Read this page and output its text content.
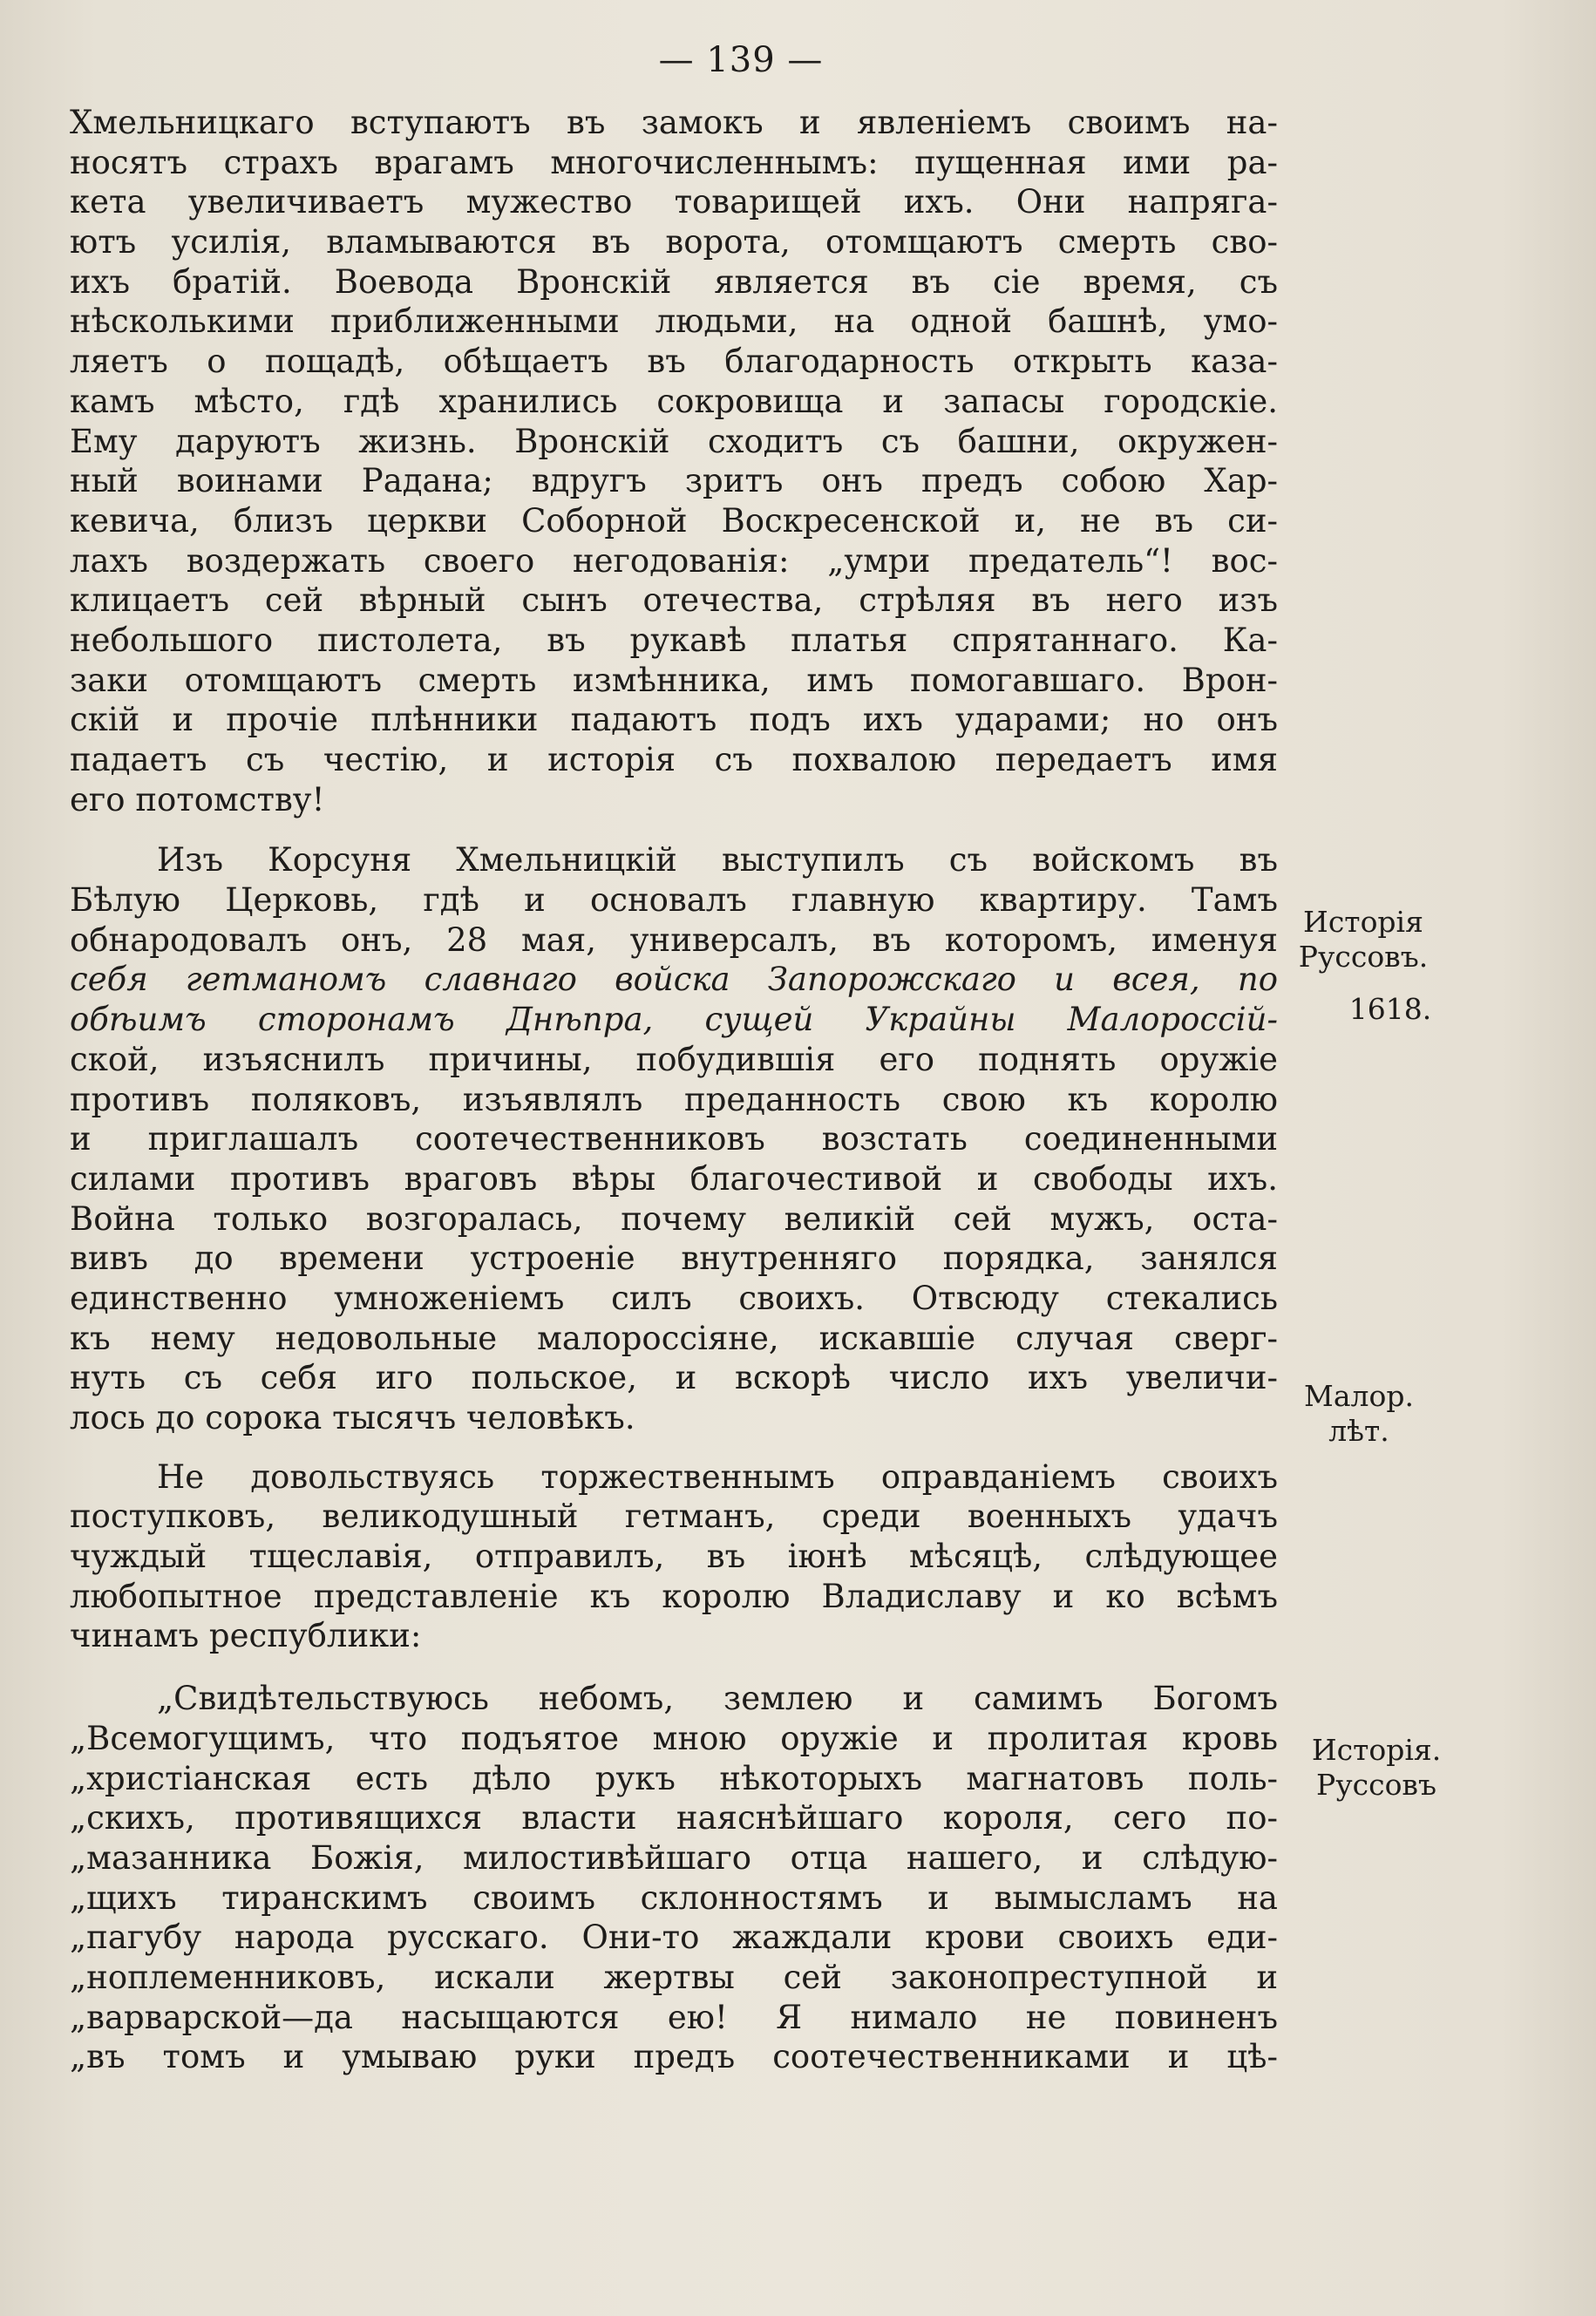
— 139 —
Хмельницкаго вступаютъ въ замокъ и явленіемъ своимъ на-
носятъ страхъ врагамъ многочисленнымъ: пущенная ими ра-
кета увеличиваетъ мужество товарищей ихъ. Они напряга-
ютъ усилія, вламываются въ ворота, отомщаютъ смерть сво-
ихъ братій. Воевода Вронскій является въ сіе время, съ
нѣсколькими приближенными людьми, на одной башнѣ, умо-
ляетъ о пощадѣ, обѣщаетъ въ благодарность открыть каза-
камъ мѣсто, гдѣ хранились сокровища и запасы городскіе.
Ему даруютъ жизнь. Вронскій сходитъ съ башни, окружен-
ный воинами Радана; вдругъ зритъ онъ предъ собою Хар-
кевича, близъ церкви Соборной Воскресенской и, не въ си-
лахъ воздержать своего негодованія: „умри предатель“! вос-
клицаетъ сей вѣрный сынъ отечества, стрѣляя въ него изъ
небольшого пистолета, въ рукавѣ платья спрятаннаго. Ка-
заки отомщаютъ смерть измѣнника, имъ помогавшаго. Врон-
скій и прочіе плѣнники падаютъ подъ ихъ ударами; но онъ
падаетъ съ честію, и исторія съ похвалою передаетъ имя
его потомству!
Изъ Корсуня Хмельницкій выступилъ съ войскомъ въ
Бѣлую Церковь, гдѣ и основалъ главную квартиру. Тамъ
обнародовалъ онъ, 28 мая, универсалъ, въ которомъ, именуя
себя гетманомъ славнаго войска Запорожскаго и всея, по
обѣимъ сторонамъ Днѣпра, сущей Украйны Малороссій-
ской, изъяснилъ причины, побудившія его поднять оружіе
противъ поляковъ, изъявлялъ преданность свою къ королю
и приглашалъ соотечественниковъ возстать соединенными
силами противъ враговъ вѣры благочестивой и свободы ихъ.
Война только возгоралась, почему великій сей мужъ, оста-
вивъ до времени устроеніе внутренняго порядка, занялся
единственно умноженіемъ силъ своихъ. Отвсюду стекались
къ нему недовольные малороссіяне, искавшіе случая сверг-
нуть съ себя иго польское, и вскорѣ число ихъ увеличи-
лось до сорока тысячъ человѣкъ.
Не довольствуясь торжественнымъ оправданіемъ своихъ
поступковъ, великодушный гетманъ, среди военныхъ удачъ
чуждый тщеславія, отправилъ, въ іюнѣ мѣсяцѣ, слѣдующее
любопытное представленіе къ королю Владиславу и ко всѣмъ
чинамъ республики:
„Свидѣтельствуюсь небомъ, землею и самимъ Богомъ
„Всемогущимъ, что подъятое мною оружіе и пролитая кровь
„христіанская есть дѣло рукъ нѣкоторыхъ магнатовъ поль-
„скихъ, противящихся власти наяснѣйшаго короля, сего по-
„мазанника Божія, милостивѣйшаго отца нашего, и слѣдую-
„щихъ тиранскимъ своимъ склонностямъ и вымысламъ на
„пагубу народа русскаго. Они-то жаждали крови своихъ еди-
„ноплеменниковъ, искали жертвы сей законопреступной и
„варварской—да насыщаются ею! Я нимало не повиненъ
„въ томъ и умываю руки предъ соотечественниками и цѣ-
Исторія
Руссовъ.
1618.
Малор.
лѣт.
Исторія.
Руссовъ
